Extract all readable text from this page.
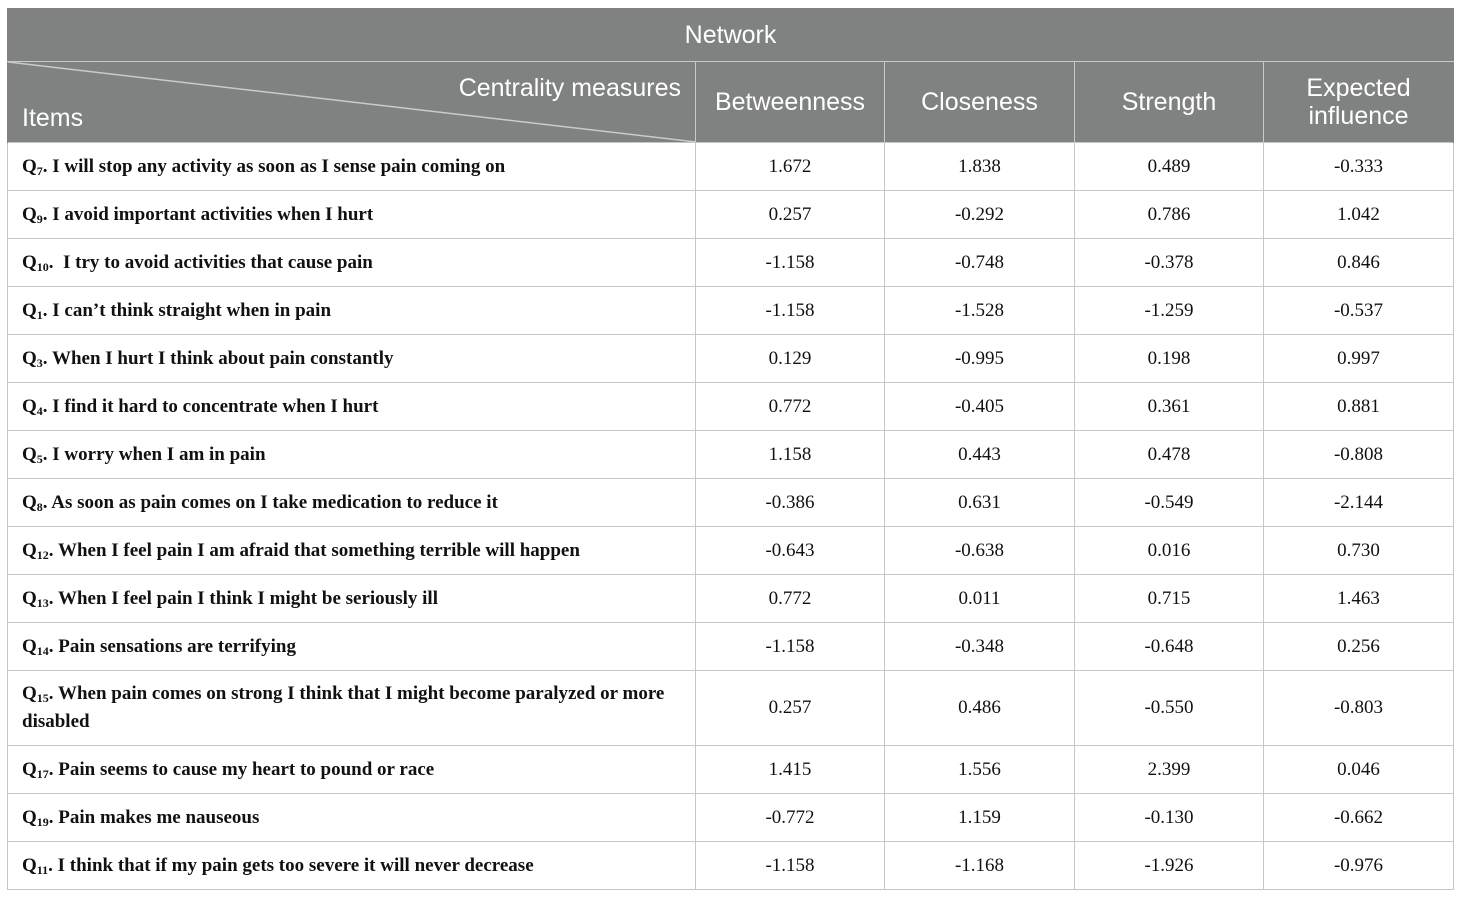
Network				

Centrality measures
Items	Betweenness	Closeness	Strength	Expected influence
$Q_7$. I will stop any activity as soon as I sense pain coming on	1.672	1.838	0.489	-0.333
$Q_9$. I avoid important activities when I hurt	0.257	-0.292	0.786	1.042
$Q_{10}$.  I try to avoid activities that cause pain	-1.158	-0.748	-0.378	0.846
$Q_1$. I can’t think straight when in pain	-1.158	-1.528	-1.259	-0.537
$Q_3$. When I hurt I think about pain constantly	0.129	-0.995	0.198	0.997
$Q_4$. I find it hard to concentrate when I hurt	0.772	-0.405	0.361	0.881
$Q_5$. I worry when I am in pain	1.158	0.443	0.478	-0.808
$Q_8$. As soon as pain comes on I take medication to reduce it	-0.386	0.631	-0.549	-2.144
$Q_{12}$. When I feel pain I am afraid that something terrible will happen	-0.643	-0.638	0.016	0.730
$Q_{13}$. When I feel pain I think I might be seriously ill	0.772	0.011	0.715	1.463
$Q_{14}$. Pain sensations are terrifying	-1.158	-0.348	-0.648	0.256
$Q_{15}$. When pain comes on strong I think that I might become paralyzed or more disabled	0.257	0.486	-0.550	-0.803
$Q_{17}$. Pain seems to cause my heart to pound or race	1.415	1.556	2.399	0.046
$Q_{19}$. Pain makes me nauseous	-0.772	1.159	-0.130	-0.662
$Q_{11}$. I think that if my pain gets too severe it will never decrease	-1.158	-1.168	-1.926	-0.976
